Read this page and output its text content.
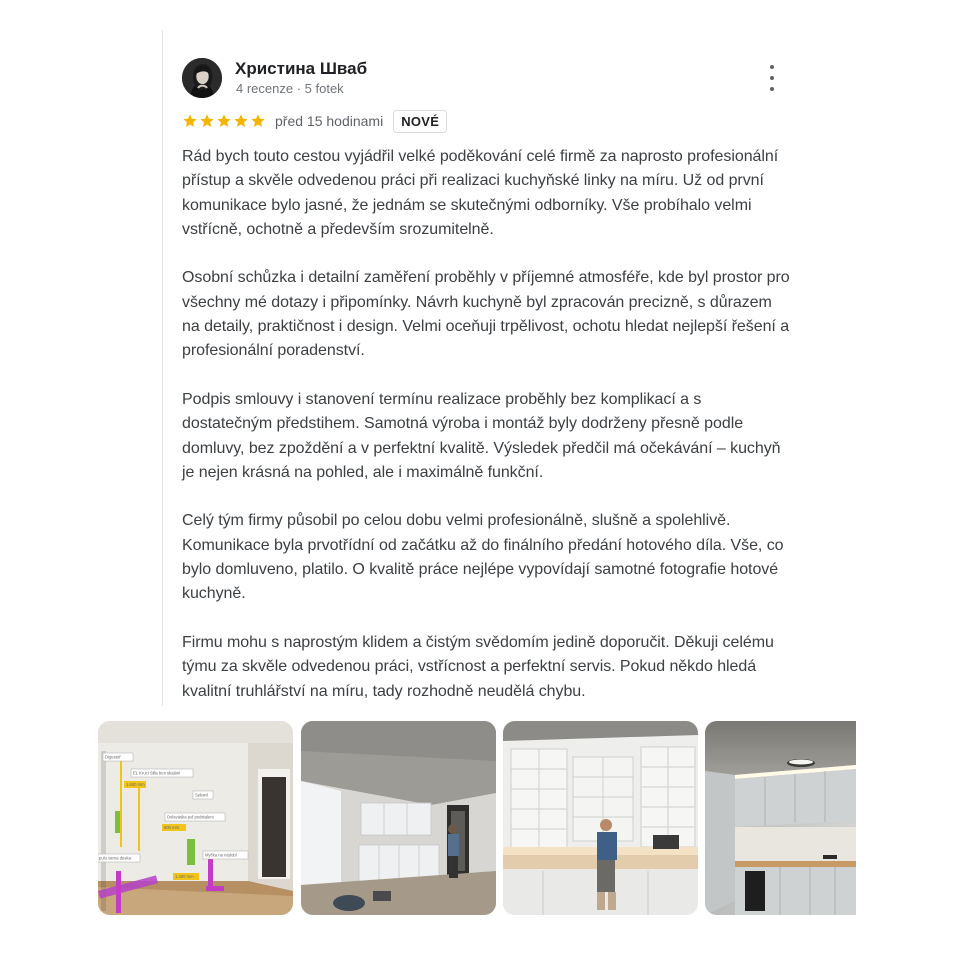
Христина Шваб
4 recenze · 5 fotek
před 15 hodinami	NOVÉ

Rád bych touto cestou vyjádřil velké poděkování celé firmě za naprosto profesionální přístup a skvěle odvedenou práci při realizaci kuchyňské linky na míru. Už od první komunikace bylo jasné, že jednám se skutečnými odborníky. Vše probíhalo velmi vstřícně, ochotně a především srozumitelně.

Osobní schůzka i detailní zaměření proběhly v příjemné atmosféře, kde byl prostor pro všechny mé dotazy i připomínky. Návrh kuchyně byl zpracován precizně, s důrazem na detaily, praktičnost i design. Velmi oceňuji trpělivost, ochotu hledat nejlepší řešení a profesionální poradenství.

Podpis smlouvy i stanovení termínu realizace proběhly bez komplikací a s dostatečným předstihem. Samotná výroba i montáž byly dodrženy přesně podle domluvy, bez zpoždění a v perfektní kvalitě. Výsledek předčil má očekávání – kuchyň je nejen krásná na pohled, ale i maximálně funkční.

Celý tým firmy působil po celou dobu velmi profesionálně, slušně a spolehlivě. Komunikace byla prvotřídní od začátku až do finálního předání hotového díla. Vše, co bylo domluveno, platilo. O kvalitě práce nejlépe vypovídají samotné fotografie hotové kuchyně.

Firmu mohu s naprostým klidem a čistým svědomím jedině doporučit. Děkuji celému týmu za skvěle odvedenou práci, vstřícnost a perfektní servis. Pokud někdo hledá kvalitní truhlářství na míru, tady rozhodně neudělá chybu.

Digestoř
EL Kruci Silla ben skaláni
1.600 mm
Sekaní
Dolavaska jed podstaleni
800 mm
Myčka na nádobí
pulo.varna deska
1.400 mm
